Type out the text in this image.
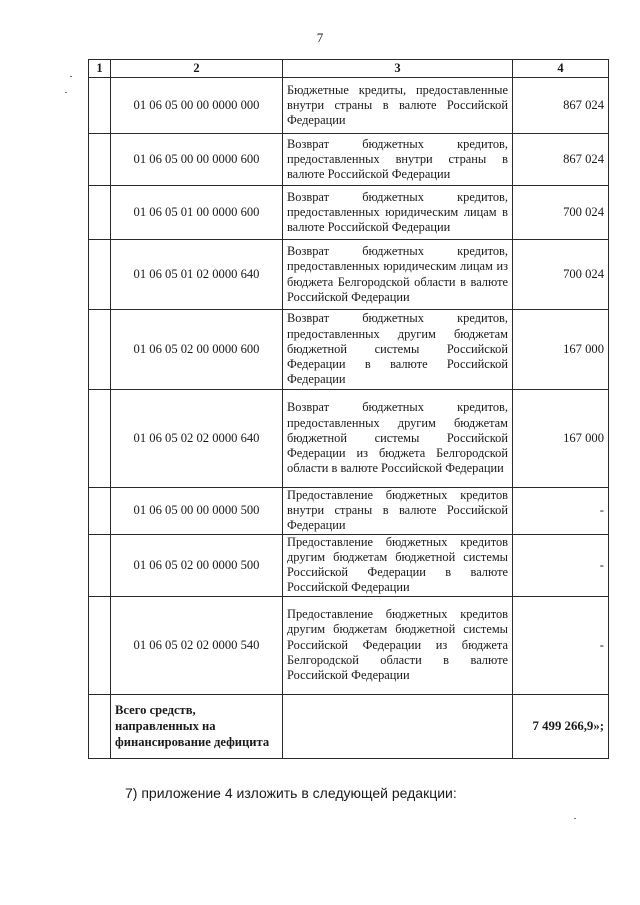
7
1	2	3	4
	01 06 05 00 00 0000 000	Бюджетные кредиты, предоставленные внутри страны в валюте Российской Федерации	867 024
	01 06 05 00 00 0000 600	Возврат бюджетных кредитов, предоставленных внутри страны в валюте Российской Федерации	867 024
	01 06 05 01 00 0000 600	Возврат бюджетных кредитов, предоставленных юридическим лицам в валюте Российской Федерации	700 024
	01 06 05 01 02 0000 640	Возврат бюджетных кредитов, предоставленных юридическим лицам из бюджета Белгородской области в валюте Российской Федерации	700 024
	01 06 05 02 00 0000 600	Возврат бюджетных кредитов, предоставленных другим бюджетам бюджетной системы Российской Федерации в валюте Российской Федерации	167 000
	01 06 05 02 02 0000 640	Возврат бюджетных кредитов, предоставленных другим бюджетам бюджетной системы Российской Федерации из бюджета Белгородской области в валюте Российской Федерации	167 000
	01 06 05 00 00 0000 500	Предоставление бюджетных кредитов внутри страны в валюте Российской Федерации	-
	01 06 05 02 00 0000 500	Предоставление бюджетных кредитов другим бюджетам бюджетной системы Российской Федерации в валюте Российской Федерации	-
	01 06 05 02 02 0000 540	Предоставление бюджетных кредитов другим бюджетам бюджетной системы Российской Федерации из бюджета Белгородской области в валюте Российской Федерации	-
	Всего средств, направленных на финансирование дефицита		7 499 266,9»;
7) приложение 4 изложить в следующей редакции:
